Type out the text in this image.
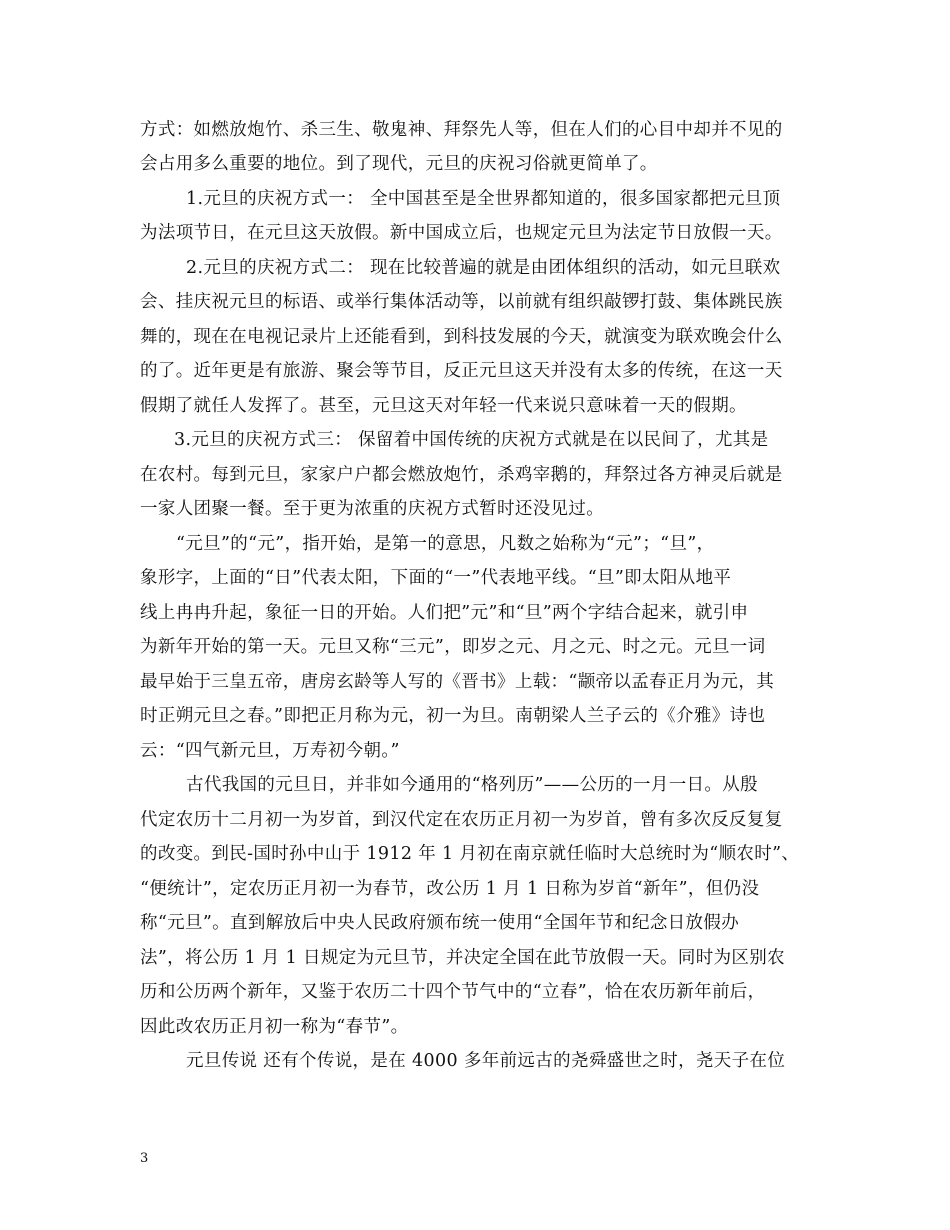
方式：如燃放炮竹、杀三生、敬鬼神、拜祭先人等，但在人们的心目中却并不见的
会占用多么重要的地位。到了现代，元旦的庆祝习俗就更简单了。
1.元旦的庆祝方式一： 全中国甚至是全世界都知道的，很多国家都把元旦顶
为法项节日，在元旦这天放假。新中国成立后，也规定元旦为法定节日放假一天。
2.元旦的庆祝方式二： 现在比较普遍的就是由团体组织的活动，如元旦联欢
会、挂庆祝元旦的标语、或举行集体活动等，以前就有组织敲锣打鼓、集体跳民族
舞的，现在在电视记录片上还能看到，到科技发展的今天，就演变为联欢晚会什么
的了。近年更是有旅游、聚会等节目，反正元旦这天并没有太多的传统，在这一天
假期了就任人发挥了。甚至，元旦这天对年轻一代来说只意味着一天的假期。
3.元旦的庆祝方式三： 保留着中国传统的庆祝方式就是在以民间了，尤其是
在农村。每到元旦，家家户户都会燃放炮竹，杀鸡宰鹅的，拜祭过各方神灵后就是
一家人团聚一餐。至于更为浓重的庆祝方式暂时还没见过。
“元旦”的“元”，指开始，是第一的意思，凡数之始称为“元”；“旦”，
象形字，上面的“日”代表太阳，下面的“一”代表地平线。“旦”即太阳从地平
线上冉冉升起，象征一日的开始。人们把”元”和“旦”两个字结合起来，就引申
为新年开始的第一天。元旦又称“三元”，即岁之元、月之元、时之元。元旦一词
最早始于三皇五帝，唐房玄龄等人写的《晋书》上载：“颛帝以孟春正月为元，其
时正朔元旦之春。”即把正月称为元，初一为旦。南朝梁人兰子云的《介雅》诗也
云：“四气新元旦，万寿初今朝。”
古代我国的元旦日，并非如今通用的“格列历”——公历的一月一日。从殷
代定农历十二月初一为岁首，到汉代定在农历正月初一为岁首，曾有多次反反复复
的改变。到民-国时孙中山于 1912 年 1 月初在南京就任临时大总统时为“顺农时”、
“便统计”，定农历正月初一为春节，改公历 1 月 1 日称为岁首“新年”，但仍没
称“元旦”。直到解放后中央人民政府颁布统一使用“全国年节和纪念日放假办
法”，将公历 1 月 1 日规定为元旦节，并决定全国在此节放假一天。同时为区别农
历和公历两个新年，又鉴于农历二十四个节气中的“立春”，恰在农历新年前后，
因此改农历正月初一称为“春节”。
元旦传说 还有个传说，是在 4000 多年前远古的尧舜盛世之时，尧天子在位
3
